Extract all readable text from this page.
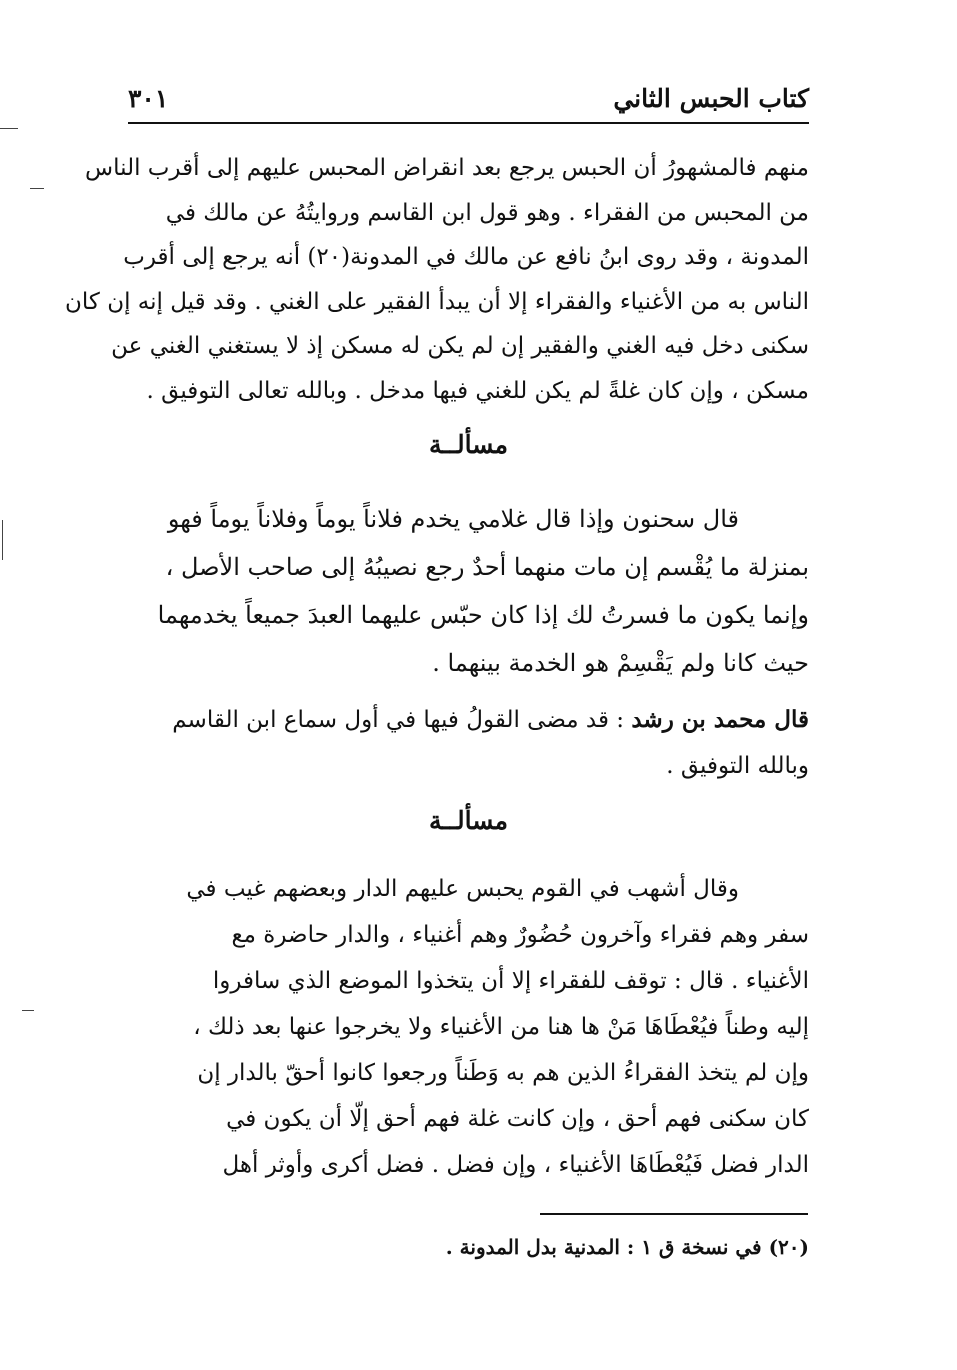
كتاب الحبس الثاني
٣٠١
منهم فالمشهورُ أن الحبس يرجع بعد انقراض المحبس عليهم إلى أقرب الناس
من المحبس من الفقراء . وهو قول ابن القاسم وروايتُهُ عن مالك في
المدونة ، وقد روى ابنُ نافع عن مالك في المدونة(٢٠) أنه يرجع إلى أقرب
الناس به من الأغنياء والفقراء إلا أن يبدأ الفقير على الغني . وقد قيل إنه إن كان
سكنى دخل فيه الغني والفقير إن لم يكن له مسكن إذ لا يستغني الغني عن
مسكن ، وإن كان غلةً لم يكن للغني فيها مدخل . وبالله تعالى التوفيق .
مسألــة
قال سحنون وإذا قال غلامي يخدم فلاناً يوماً وفلاناً يوماً فهو
بمنزلة ما يُقْسم إن مات منهما أحدٌ رجع نصيبُهُ إلى صاحب الأصل ،
وإنما يكون ما فسرتُ لك إذا كان حبّس عليهما العبدَ جميعاً يخدمهما
حيث كانا ولم يَقْسِمْ هو الخدمة بينهما .
قال محمد بن رشد : قد مضى القولُ فيها في أول سماع ابن القاسم
وبالله التوفيق .
مسألــة
وقال أشهب في القوم يحبس عليهم الدار وبعضهم غيب في
سفر وهم فقراء وآخرون حُضُورٌ وهم أغنياء ، والدار حاضرة مع
الأغنياء . قال : توقف للفقراء إلا أن يتخذوا الموضع الذي سافروا
إليه وطناً فيُعْطَاهَا مَنْ ها هنا من الأغنياء ولا يخرجوا عنها بعد ذلك ،
وإن لم يتخذ الفقراءُ الذين هم به وَطَناً ورجعوا كانوا أحقّ بالدار إن
كان سكنى فهم أحق ، وإن كانت غلة فهم أحق إلّا أن يكون في
الدار فضل فَيُعْطَاهَا الأغنياء ، وإن فضل . فضل أكرى وأوثر أهل
(٢٠) في نسخة ق ١ : المدنية بدل المدونة .
